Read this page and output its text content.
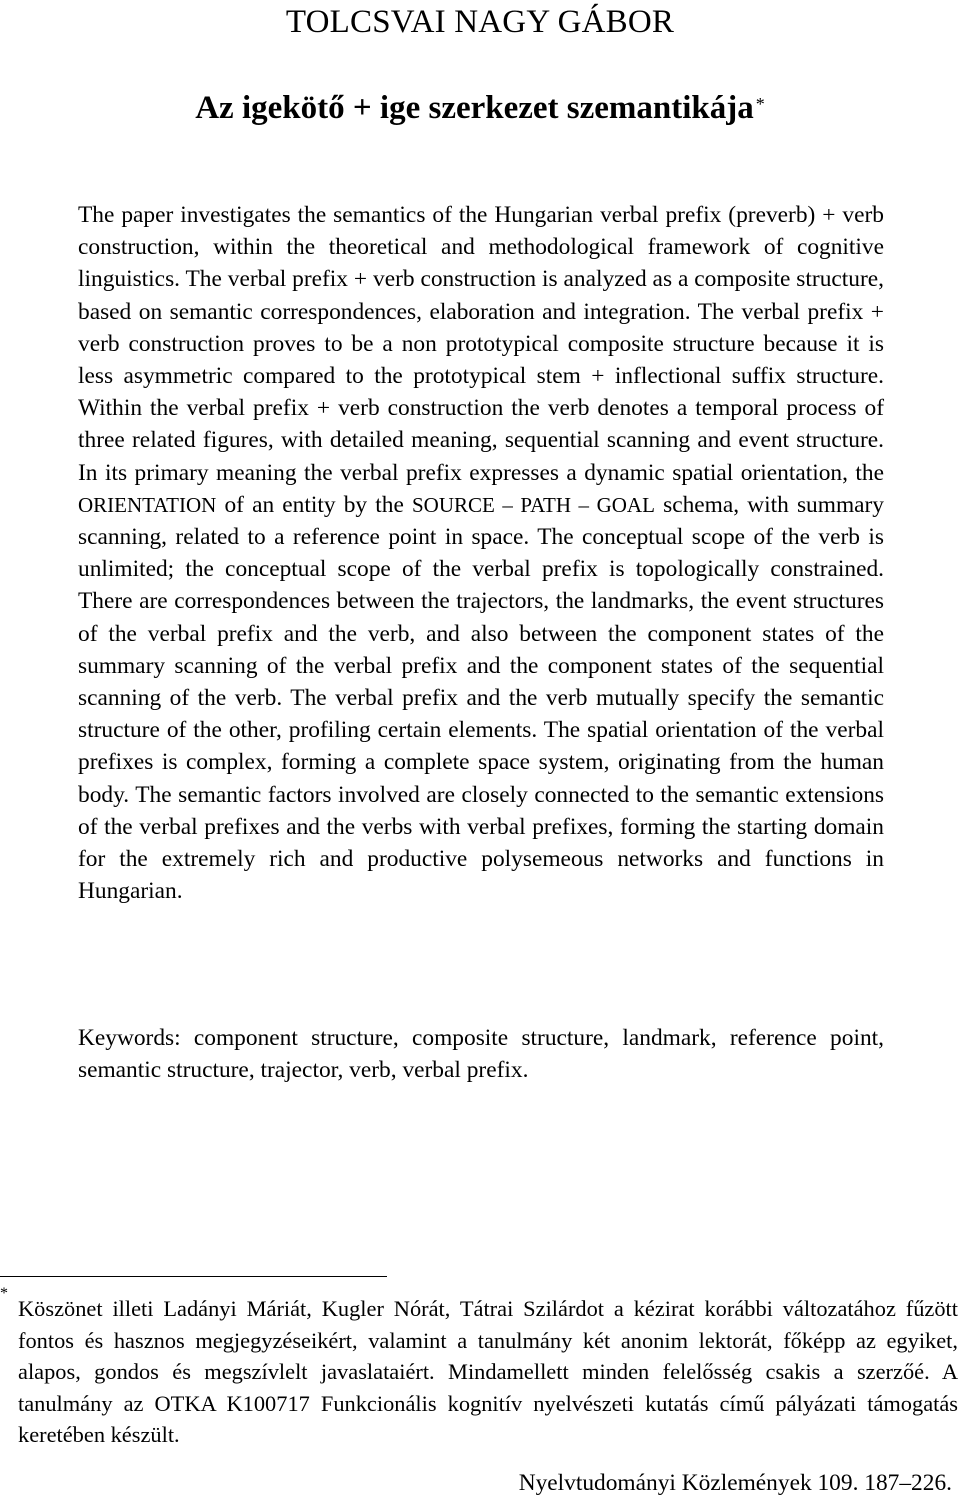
TOLCSVAI NAGY GÁBOR
Az igekötő + ige szerkezet szemantikája *

The paper investigates the semantics of the Hungarian verbal prefix (preverb) + verb construction, within the theoretical and methodological framework of cognitive linguistics. The verbal prefix + verb construction is analyzed as a composite structure, based on semantic correspondences, elaboration and integration. The verbal prefix + verb construction proves to be a non prototypical composite structure because it is less asymmetric compared to the prototypical stem + inflectional suffix structure. Within the verbal prefix + verb construction the verb denotes a temporal process of three related figures, with detailed meaning, sequential scanning and event structure. In its primary meaning the verbal prefix expresses a dynamic spatial orientation, the ORIENTATION of an entity by the SOURCE – PATH – GOAL schema, with summary scanning, related to a reference point in space. The conceptual scope of the verb is unlimited; the conceptual scope of the verbal prefix is topologically constrained. There are correspondences between the trajectors, the landmarks, the event structures of the verbal prefix and the verb, and also between the component states of the summary scanning of the verbal prefix and the component states of the sequential scanning of the verb. The verbal prefix and the verb mutually specify the semantic structure of the other, profiling certain elements. The spatial orientation of the verbal prefixes is complex, forming a complete space system, originating from the human body. The semantic factors involved are closely connected to the semantic extensions of the verbal prefixes and the verbs with verbal prefixes, forming the starting domain for the extremely rich and productive polysemeous networks and functions in Hungarian.

Keywords: component structure, composite structure, landmark, reference point, semantic structure, trajector, verb, verbal prefix.

*

Köszönet illeti Ladányi Máriát, Kugler Nórát, Tátrai Szilárdot a kézirat korábbi változatához fűzött fontos és hasznos megjegyzéseikért, valamint a tanulmány két anonim lektorát, főképp az egyiket, alapos, gondos és megszívlelt javaslataiért. Mindamellett minden felelősség csakis a szerzőé. A tanulmány az OTKA K100717 Funkcionális kognitív nyelvészeti kutatás című pályázati támogatás keretében készült.

Nyelvtudományi Közlemények 109. 187–226.
